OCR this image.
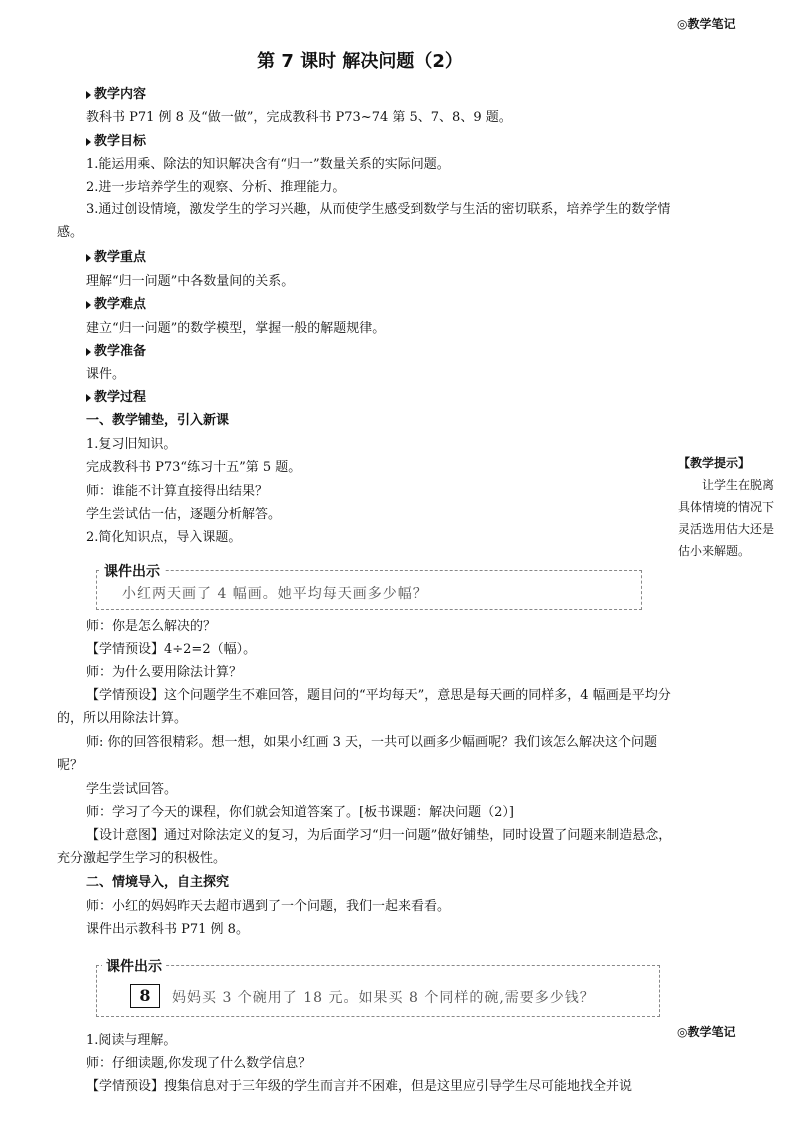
◎教学笔记
第 7 课时 解决问题（2）
教学内容
教科书 P71 例 8 及“做一做”，完成教科书 P73~74 第 5、7、8、9 题。
教学目标
1.能运用乘、除法的知识解决含有“归一”数量关系的实际问题。
2.进一步培养学生的观察、分析、推理能力。
3.通过创设情境，激发学生的学习兴趣，从而使学生感受到数学与生活的密切联系，培养学生的数学情感。
教学重点
理解“归一问题”中各数量间的关系。
教学难点
建立“归一问题”的数学模型，掌握一般的解题规律。
教学准备
课件。
教学过程
一、教学铺垫，引入新课
1.复习旧知识。
完成教科书 P73“练习十五”第 5 题。
师：谁能不计算直接得出结果？
学生尝试估一估，逐题分析解答。
2.简化知识点，导入课题。
课件出示
小红两天画了 4 幅画。她平均每天画多少幅？
师：你是怎么解决的？
【学情预设】4÷2=2（幅）。
师：为什么要用除法计算？
【学情预设】这个问题学生不难回答，题目问的“平均每天”，意思是每天画的同样多，4 幅画是平均分的，所以用除法计算。
师: 你的回答很精彩。想一想，如果小红画 3 天，一共可以画多少幅画呢？我们该怎么解决这个问题呢？
学生尝试回答。
师：学习了今天的课程，你们就会知道答案了。[板书课题：解决问题（2）]
【设计意图】通过对除法定义的复习，为后面学习“归一问题”做好铺垫，同时设置了问题来制造悬念，充分激起学生学习的积极性。
二、情境导入，自主探究
师：小红的妈妈昨天去超市遇到了一个问题，我们一起来看看。
课件出示教科书 P71 例 8。
课件出示
8	妈妈买 3 个碗用了 18 元。如果买 8 个同样的碗,需要多少钱？
1.阅读与理解。
师：仔细读题,你发现了什么数学信息？
【学情预设】搜集信息对于三年级的学生而言并不困难，但是这里应引导学生尽可能地找全并说
【教学提示】
让学生在脱离具体情境的情况下灵活选用估大还是估小来解题。
◎教学笔记
